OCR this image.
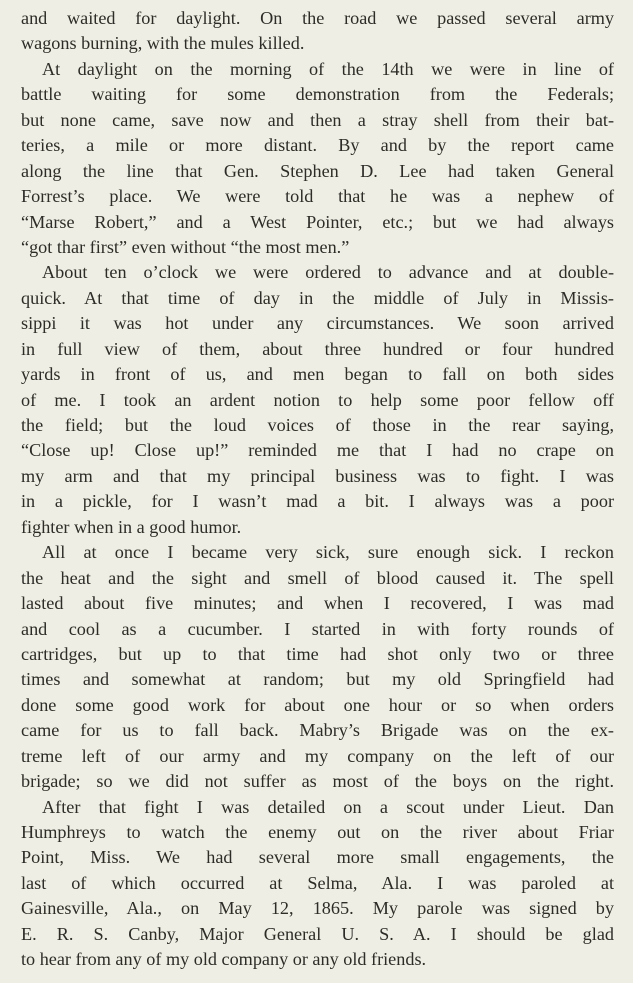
and waited for daylight. On the road we passed several army
wagons burning, with the mules killed.
At daylight on the morning of the 14th we were in line of
battle waiting for some demonstration from the Federals;
but none came, save now and then a stray shell from their bat-
teries, a mile or more distant. By and by the report came
along the line that Gen. Stephen D. Lee had taken General
Forrest’s place. We were told that he was a nephew of
“Marse Robert,” and a West Pointer, etc.; but we had always
“got thar first” even without “the most men.”
About ten o’clock we were ordered to advance and at double-
quick. At that time of day in the middle of July in Missis-
sippi it was hot under any circumstances. We soon arrived
in full view of them, about three hundred or four hundred
yards in front of us, and men began to fall on both sides
of me. I took an ardent notion to help some poor fellow off
the field; but the loud voices of those in the rear saying,
“Close up! Close up!” reminded me that I had no crape on
my arm and that my principal business was to fight. I was
in a pickle, for I wasn’t mad a bit. I always was a poor
fighter when in a good humor.
All at once I became very sick, sure enough sick. I reckon
the heat and the sight and smell of blood caused it. The spell
lasted about five minutes; and when I recovered, I was mad
and cool as a cucumber. I started in with forty rounds of
cartridges, but up to that time had shot only two or three
times and somewhat at random; but my old Springfield had
done some good work for about one hour or so when orders
came for us to fall back. Mabry’s Brigade was on the ex-
treme left of our army and my company on the left of our
brigade; so we did not suffer as most of the boys on the right.
After that fight I was detailed on a scout under Lieut. Dan
Humphreys to watch the enemy out on the river about Friar
Point, Miss. We had several more small engagements, the
last of which occurred at Selma, Ala. I was paroled at
Gainesville, Ala., on May 12, 1865. My parole was signed by
E. R. S. Canby, Major General U. S. A. I should be glad
to hear from any of my old company or any old friends.
